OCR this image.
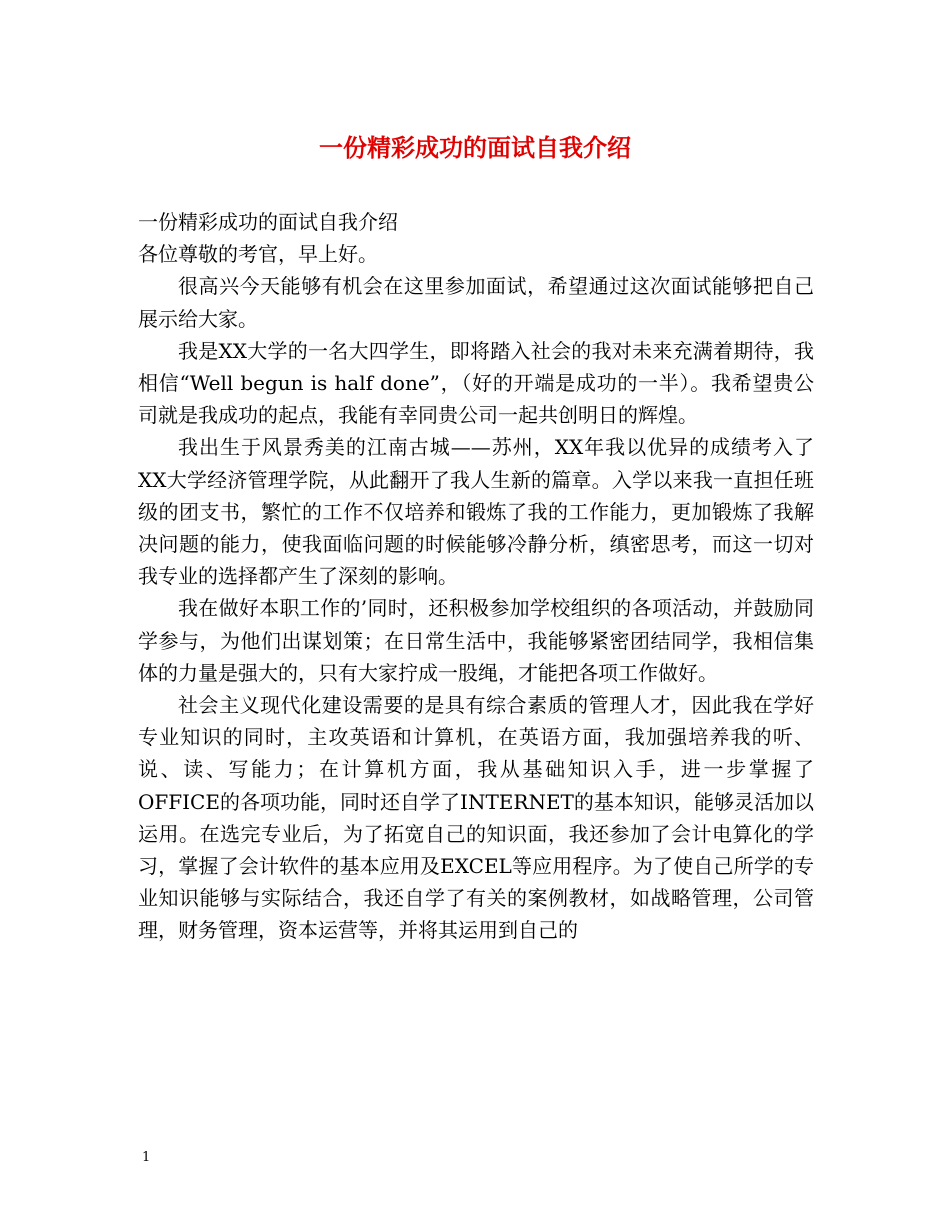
一份精彩成功的面试自我介绍

一份精彩成功的面试自我介绍

各位尊敬的考官，早上好。

很高兴今天能够有机会在这里参加面试，希望通过这次面试能够把自己展示给大家。

我是XX大学的一名大四学生，即将踏入社会的我对未来充满着期待，我相信“Well begun is half done”，（好的开端是成功的一半）。我希望贵公司就是我成功的起点，我能有幸同贵公司一起共创明日的辉煌。

我出生于风景秀美的江南古城——苏州，XX年我以优异的成绩考入了XX大学经济管理学院，从此翻开了我人生新的篇章。入学以来我一直担任班级的团支书，繁忙的工作不仅培养和锻炼了我的工作能力，更加锻炼了我解决问题的能力，使我面临问题的时候能够冷静分析，缜密思考，而这一切对我专业的选择都产生了深刻的影响。

我在做好本职工作的’同时，还积极参加学校组织的各项活动，并鼓励同学参与，为他们出谋划策；在日常生活中，我能够紧密团结同学，我相信集体的力量是强大的，只有大家拧成一股绳，才能把各项工作做好。

社会主义现代化建设需要的是具有综合素质的管理人才，因此我在学好专业知识的同时，主攻英语和计算机，在英语方面，我加强培养我的听、说、读、写能力；在计算机方面，我从基础知识入手，进一步掌握了OFFICE的各项功能，同时还自学了INTERNET的基本知识，能够灵活加以运用。在选完专业后，为了拓宽自己的知识面，我还参加了会计电算化的学习，掌握了会计软件的基本应用及EXCEL等应用程序。为了使自己所学的专业知识能够与实际结合，我还自学了有关的案例教材，如战略管理，公司管理，财务管理，资本运营等，并将其运用到自己的

1
